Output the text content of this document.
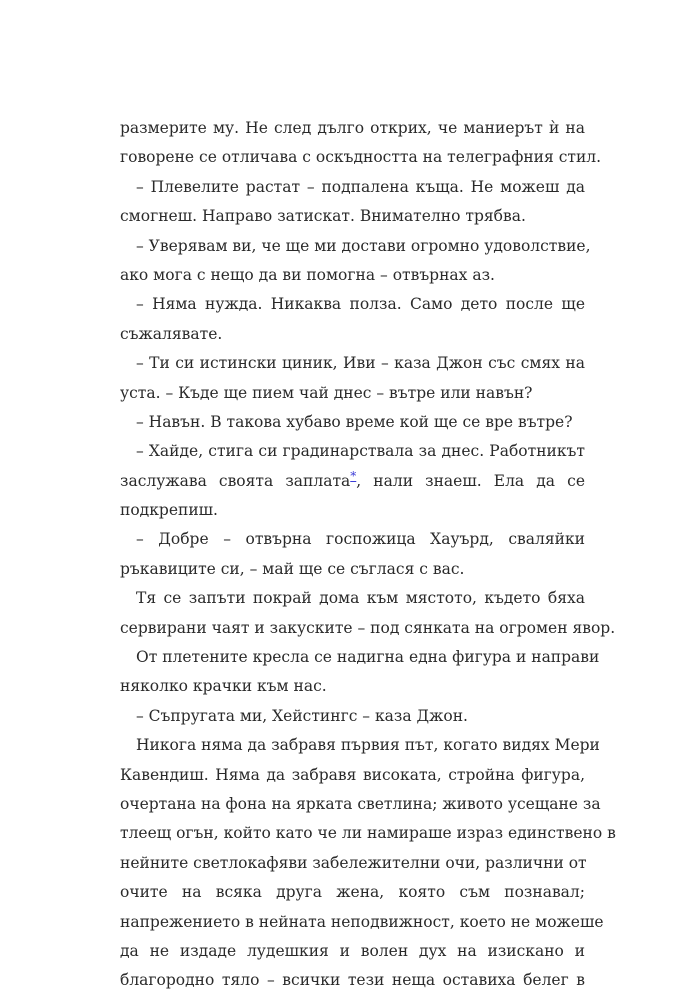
размерите му. Не след дълго открих, че маниерът ѝ на
говорене се отличава с оскъдността на телеграфния стил.
– Плевелите растат – подпалена къща. Не можеш да
смогнеш. Направо затискат. Внимателно трябва.
– Уверявам ви, че ще ми достави огромно удоволствие,
ако мога с нещо да ви помогна – отвърнах аз.
– Няма нужда. Никаква полза. Само дето после ще
съжалявате.
– Ти си истински циник, Иви – каза Джон със смях на
уста. – Къде ще пием чай днес – вътре или навън?
– Навън. В такова хубаво време кой ще се вре вътре?
– Хайде, стига си градинарствала за днес. Работникът
заслужава своята заплата*, нали знаеш. Ела да се
подкрепиш.
– Добре – отвърна госпожица Хауърд, сваляйки
ръкавиците си, – май ще се съглася с вас.
Тя се запъти покрай дома към мястото, където бяха
сервирани чаят и закуските – под сянката на огромен явор.
От плетените кресла се надигна една фигура и направи
няколко крачки към нас.
– Съпругата ми, Хейстингс – каза Джон.
Никога няма да забравя първия път, когато видях Мери
Кавендиш. Няма да забравя високата, стройна фигура,
очертана на фона на ярката светлина; живото усещане за
тлеещ огън, който като че ли намираше израз единствено в
нейните светлокафяви забележителни очи, различни от
очите на всяка друга жена, която съм познавал;
напрежението в нейната неподвижност, което не можеше
да не издаде лудешкия и волен дух на изискано и
благородно тяло – всички тези неща оставиха белег в
